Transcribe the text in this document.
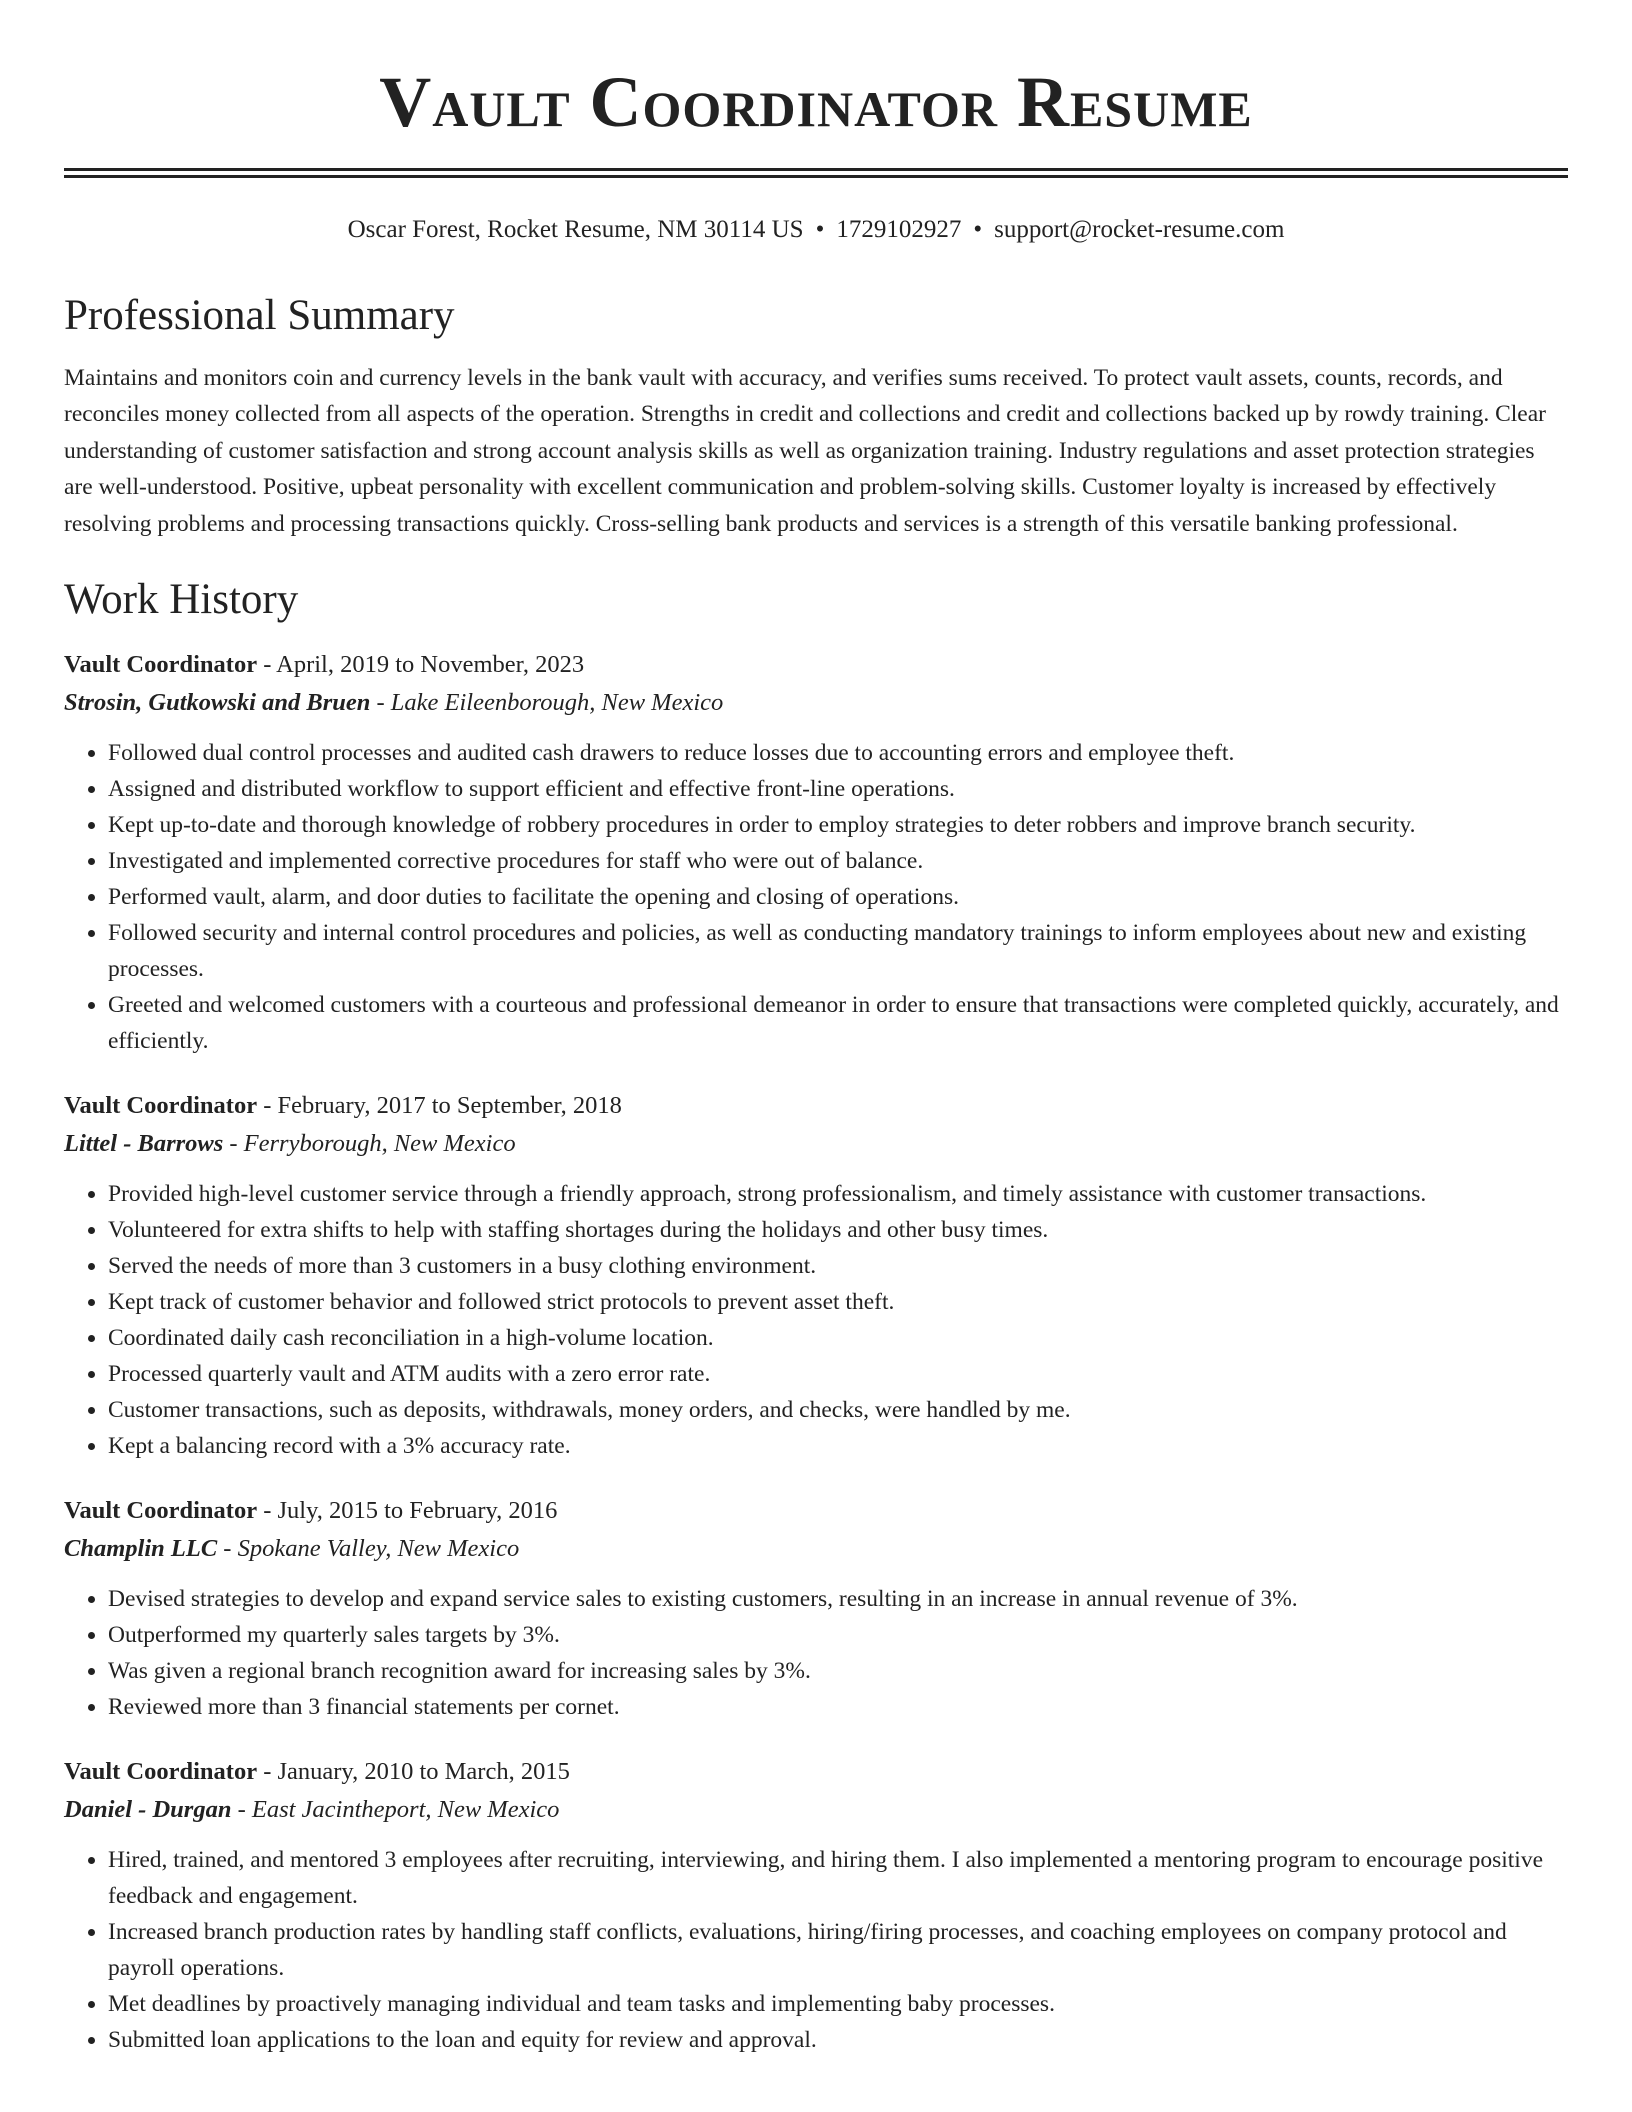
Vault Coordinator Resume
Oscar Forest, Rocket Resume, NM 30114 US • 1729102927 • support@rocket-resume.com
Professional Summary

Maintains and monitors coin and currency levels in the bank vault with accuracy, and verifies sums received. To protect vault assets, counts, records, and reconciles money collected from all aspects of the operation. Strengths in credit and collections and credit and collections backed up by rowdy training. Clear understanding of customer satisfaction and strong account analysis skills as well as organization training. Industry regulations and asset protection strategies are well-understood. Positive, upbeat personality with excellent communication and problem-solving skills. Customer loyalty is increased by effectively resolving problems and processing transactions quickly. Cross-selling bank products and services is a strength of this versatile banking professional.

Work History
Vault Coordinator - April, 2019 to November, 2023
Strosin, Gutkowski and Bruen - Lake Eileenborough, New Mexico
• Followed dual control processes and audited cash drawers to reduce losses due to accounting errors and employee theft.
• Assigned and distributed workflow to support efficient and effective front-line operations.
• Kept up-to-date and thorough knowledge of robbery procedures in order to employ strategies to deter robbers and improve branch security.
• Investigated and implemented corrective procedures for staff who were out of balance.
• Performed vault, alarm, and door duties to facilitate the opening and closing of operations.
• Followed security and internal control procedures and policies, as well as conducting mandatory trainings to inform employees about new and existing processes.
• Greeted and welcomed customers with a courteous and professional demeanor in order to ensure that transactions were completed quickly, accurately, and efficiently.
Vault Coordinator - February, 2017 to September, 2018
Littel - Barrows - Ferryborough, New Mexico
• Provided high-level customer service through a friendly approach, strong professionalism, and timely assistance with customer transactions.
• Volunteered for extra shifts to help with staffing shortages during the holidays and other busy times.
• Served the needs of more than 3 customers in a busy clothing environment.
• Kept track of customer behavior and followed strict protocols to prevent asset theft.
• Coordinated daily cash reconciliation in a high-volume location.
• Processed quarterly vault and ATM audits with a zero error rate.
• Customer transactions, such as deposits, withdrawals, money orders, and checks, were handled by me.
• Kept a balancing record with a 3% accuracy rate.
Vault Coordinator - July, 2015 to February, 2016
Champlin LLC - Spokane Valley, New Mexico
• Devised strategies to develop and expand service sales to existing customers, resulting in an increase in annual revenue of 3%.
• Outperformed my quarterly sales targets by 3%.
• Was given a regional branch recognition award for increasing sales by 3%.
• Reviewed more than 3 financial statements per cornet.
Vault Coordinator - January, 2010 to March, 2015
Daniel - Durgan - East Jacintheport, New Mexico
• Hired, trained, and mentored 3 employees after recruiting, interviewing, and hiring them. I also implemented a mentoring program to encourage positive feedback and engagement.
• Increased branch production rates by handling staff conflicts, evaluations, hiring/firing processes, and coaching employees on company protocol and payroll operations.
• Met deadlines by proactively managing individual and team tasks and implementing baby processes.
• Submitted loan applications to the loan and equity for review and approval.
